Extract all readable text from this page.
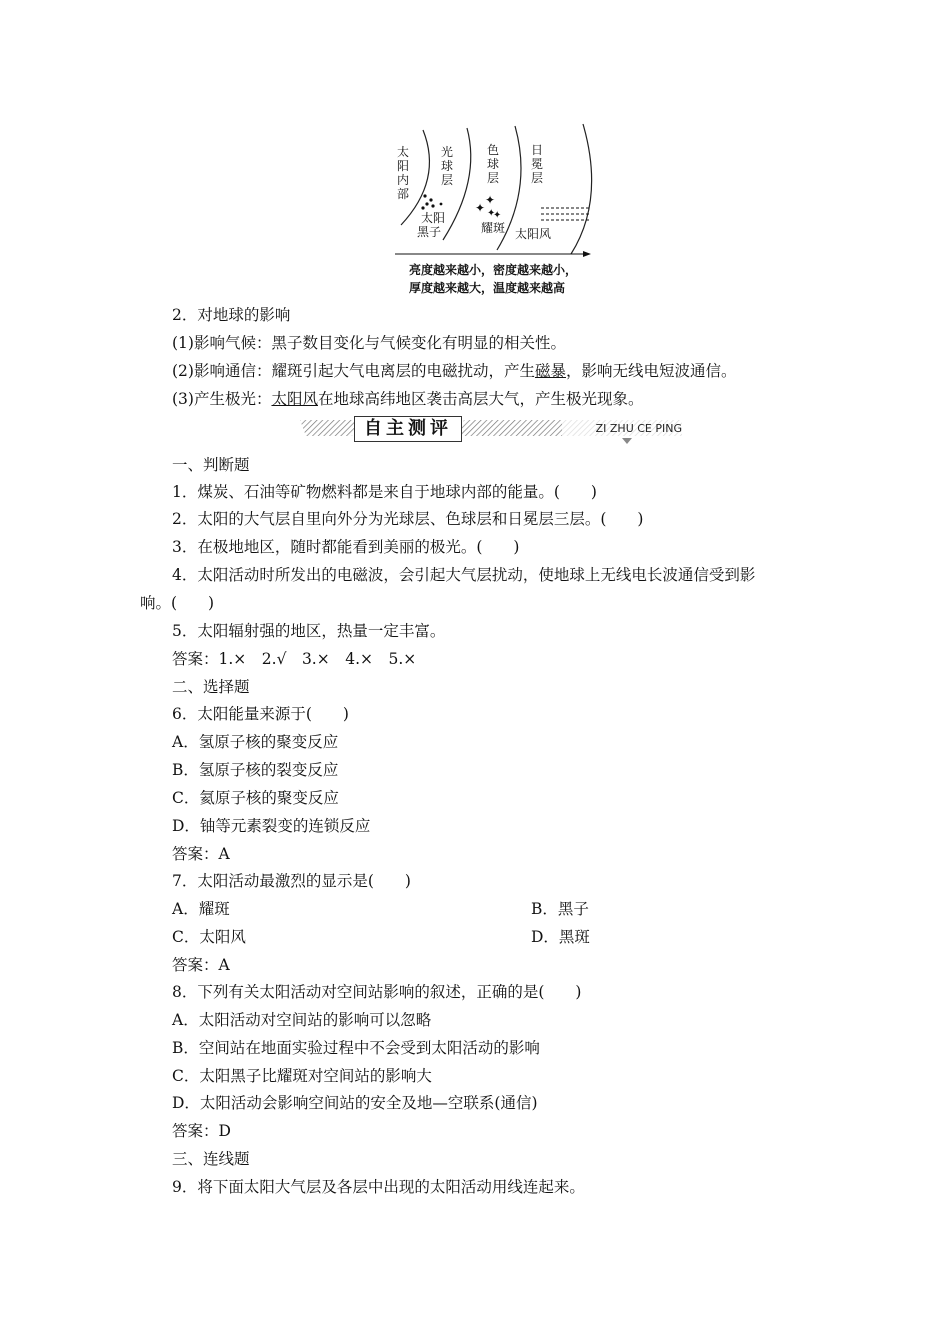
太
阳
内
部
光
球
层
色
球
层
日
冕
层
太阳
黑子
✦
✦ ✦
✦
耀斑 太阳风
亮度越来越小，密度越来越小，
厚度越来越大，温度越来越高
2．对地球的影响
(1)影响气候：黑子数目变化与气候变化有明显的相关性。
(2)影响通信：耀斑引起大气电离层的电磁扰动，产生磁暴，影响无线电短波通信。
(3)产生极光：太阳风在地球高纬地区袭击高层大气，产生极光现象。
自主测评	ZI ZHU CE PING
一、判断题
1．煤炭、石油等矿物燃料都是来自于地球内部的能量。(　　)
2．太阳的大气层自里向外分为光球层、色球层和日冕层三层。(　　)
3．在极地地区，随时都能看到美丽的极光。(　　)
4．太阳活动时所发出的电磁波，会引起大气层扰动，使地球上无线电长波通信受到影
响。(　　)
5．太阳辐射强的地区，热量一定丰富。
答案：1.×　2.√　3.×　4.×　5.×
二、选择题
6．太阳能量来源于(　　)
A．氢原子核的聚变反应
B．氢原子核的裂变反应
C．氦原子核的聚变反应
D．铀等元素裂变的连锁反应
答案：A
7．太阳活动最激烈的显示是(　　)
A．耀斑	B．黑子
C．太阳风	D．黑斑
答案：A
8．下列有关太阳活动对空间站影响的叙述，正确的是(　　)
A．太阳活动对空间站的影响可以忽略
B．空间站在地面实验过程中不会受到太阳活动的影响
C．太阳黑子比耀斑对空间站的影响大
D．太阳活动会影响空间站的安全及地—空联系(通信)
答案：D
三、连线题
9．将下面太阳大气层及各层中出现的太阳活动用线连起来。
